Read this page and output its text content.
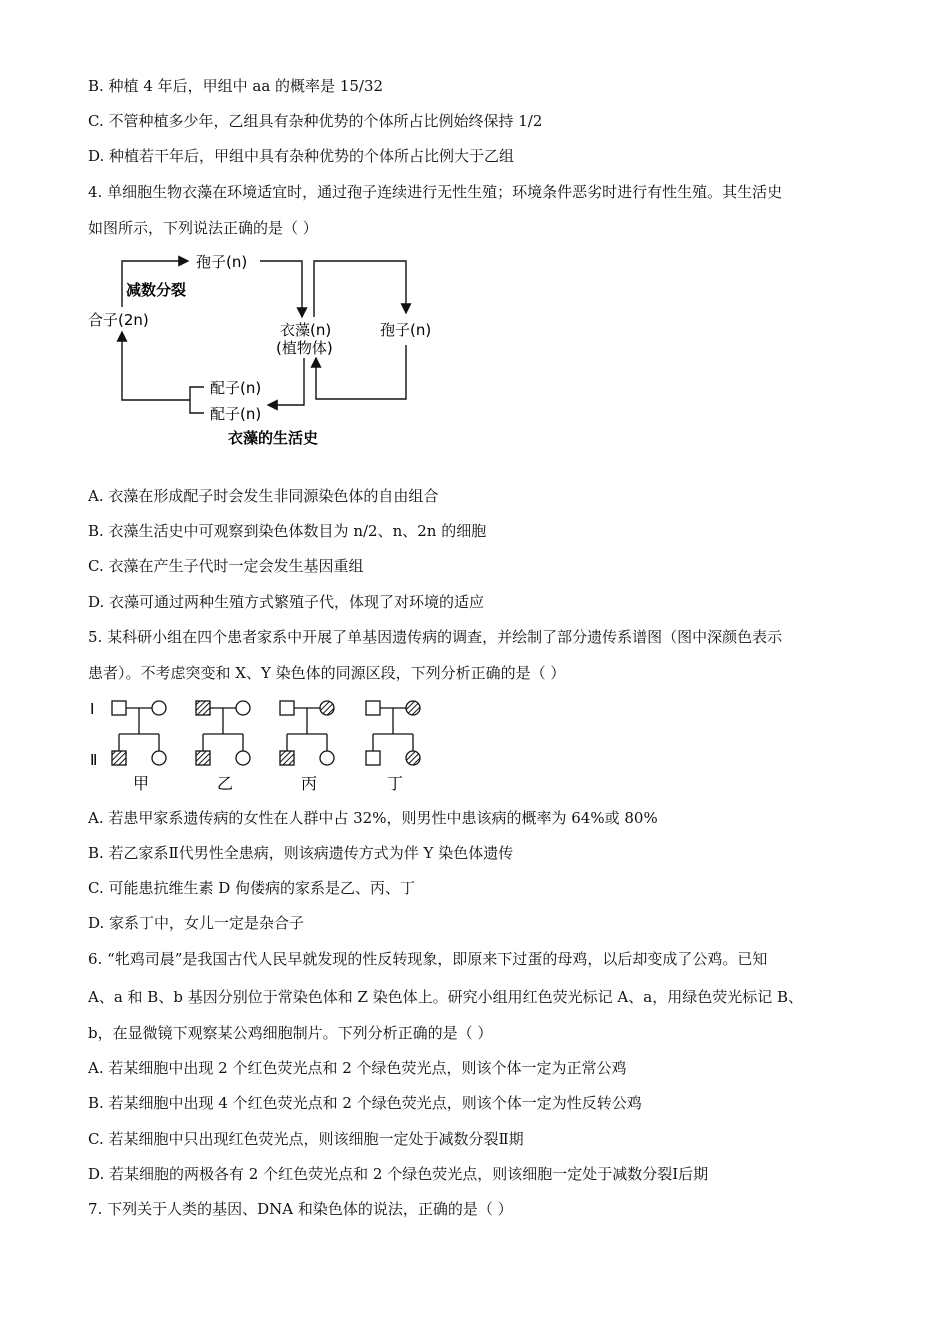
B. 种植 4 年后，甲组中 aa 的概率是 15/32
C. 不管种植多少年，乙组具有杂种优势的个体所占比例始终保持 1/2
D. 种植若干年后，甲组中具有杂种优势的个体所占比例大于乙组
4. 单细胞生物衣藻在环境适宜时，通过孢子连续进行无性生殖；环境条件恶劣时进行有性生殖。其生活史
如图所示，下列说法正确的是（ ）
孢子(n)
减数分裂
合子(2n)
衣藻(n)
(植物体)
孢子(n)
配子(n)
配子(n)
衣藻的生活史
A. 衣藻在形成配子时会发生非同源染色体的自由组合
B. 衣藻生活史中可观察到染色体数目为 n/2、n、2n 的细胞
C. 衣藻在产生子代时一定会发生基因重组
D. 衣藻可通过两种生殖方式繁殖子代，体现了对环境的适应
5. 某科研小组在四个患者家系中开展了单基因遗传病的调查，并绘制了部分遗传系谱图（图中深颜色表示
患者）。不考虑突变和 X、Y 染色体的同源区段，下列分析正确的是（ ）
Ⅰ
Ⅱ
甲	乙	丙	丁
A. 若患甲家系遗传病的女性在人群中占 32%，则男性中患该病的概率为 64%或 80%
B. 若乙家系Ⅱ代男性全患病，则该病遗传方式为伴 Y 染色体遗传
C. 可能患抗维生素 D 佝偻病的家系是乙、丙、丁
D. 家系丁中，女儿一定是杂合子
6. “牝鸡司晨”是我国古代人民早就发现的性反转现象，即原来下过蛋的母鸡，以后却变成了公鸡。已知
A、a 和 B、b 基因分别位于常染色体和 Z 染色体上。研究小组用红色荧光标记 A、a，用绿色荧光标记 B、
b，在显微镜下观察某公鸡细胞制片。下列分析正确的是（ ）
A. 若某细胞中出现 2 个红色荧光点和 2 个绿色荧光点，则该个体一定为正常公鸡
B. 若某细胞中出现 4 个红色荧光点和 2 个绿色荧光点，则该个体一定为性反转公鸡
C. 若某细胞中只出现红色荧光点，则该细胞一定处于减数分裂Ⅱ期
D. 若某细胞的两极各有 2 个红色荧光点和 2 个绿色荧光点，则该细胞一定处于减数分裂Ⅰ后期
7. 下列关于人类的基因、DNA 和染色体的说法，正确的是（ ）
